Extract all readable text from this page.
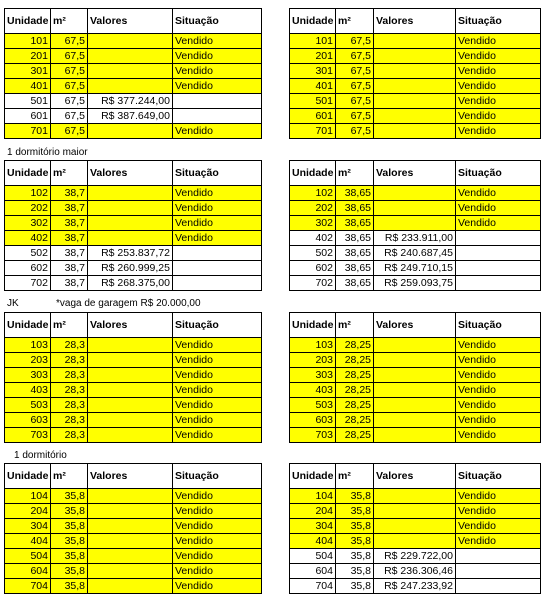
Unidade	m²	Valores	Situação
101	67,5		Vendido
201	67,5		Vendido
301	67,5		Vendido
401	67,5		Vendido
501	67,5	R$ 377.244,00	
601	67,5	R$ 387.649,00	
701	67,5		Vendido
Unidade	m²	Valores	Situação
101	67,5		Vendido
201	67,5		Vendido
301	67,5		Vendido
401	67,5		Vendido
501	67,5		Vendido
601	67,5		Vendido
701	67,5		Vendido
1 dormitório maior
Unidade	m²	Valores	Situação
102	38,7		Vendido
202	38,7		Vendido
302	38,7		Vendido
402	38,7		Vendido
502	38,7	R$ 253.837,72	
602	38,7	R$ 260.999,25	
702	38,7	R$ 268.375,00	
Unidade	m²	Valores	Situação
102	38,65		Vendido
202	38,65		Vendido
302	38,65		Vendido
402	38,65	R$ 233.911,00	
502	38,65	R$ 240.687,45	
602	38,65	R$ 249.710,15	
702	38,65	R$ 259.093,75	
JK	*vaga de garagem R$ 20.000,00
Unidade	m²	Valores	Situação
103	28,3		Vendido
203	28,3		Vendido
303	28,3		Vendido
403	28,3		Vendido
503	28,3		Vendido
603	28,3		Vendido
703	28,3		Vendido
Unidade	m²	Valores	Situação
103	28,25		Vendido
203	28,25		Vendido
303	28,25		Vendido
403	28,25		Vendido
503	28,25		Vendido
603	28,25		Vendido
703	28,25		Vendido
1 dormitório
Unidade	m²	Valores	Situação
104	35,8		Vendido
204	35,8		Vendido
304	35,8		Vendido
404	35,8		Vendido
504	35,8		Vendido
604	35,8		Vendido
704	35,8		Vendido
Unidade	m²	Valores	Situação
104	35,8		Vendido
204	35,8		Vendido
304	35,8		Vendido
404	35,8		Vendido
504	35,8	R$ 229.722,00	
604	35,8	R$ 236.306,46	
704	35,8	R$ 247.233,92	
